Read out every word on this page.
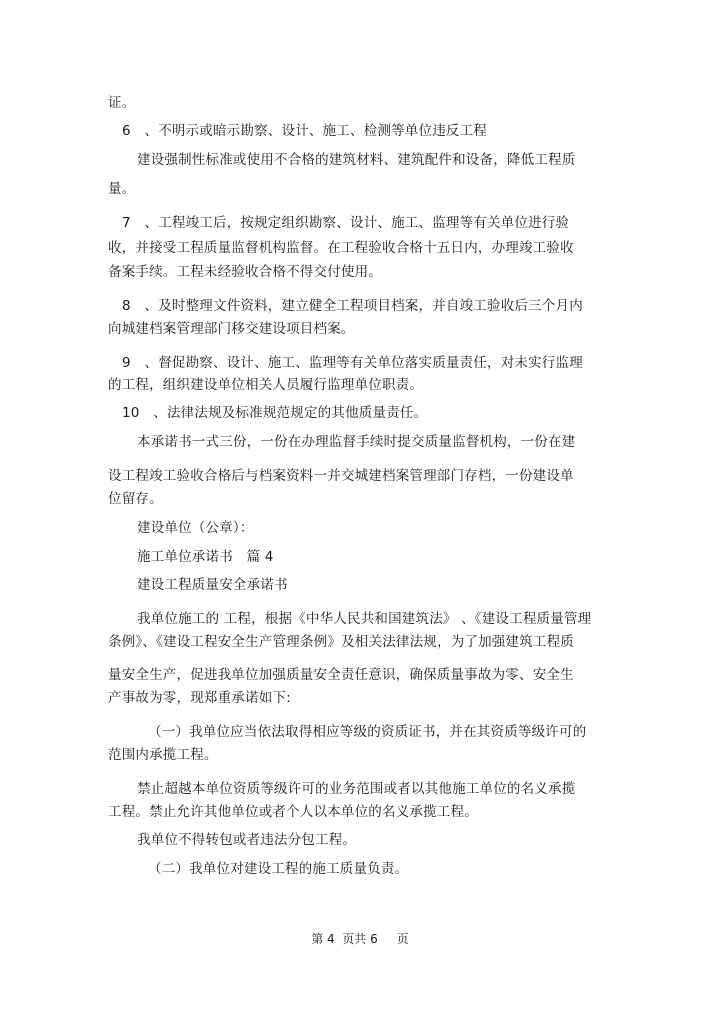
证。
6　、不明示或暗示勘察、设计、施工、检测等单位违反工程
建设强制性标准或使用不合格的建筑材料、建筑配件和设备，降低工程质
量。
7　、工程竣工后，按规定组织勘察、设计、施工、监理等有关单位进行验
收，并接受工程质量监督机构监督。在工程验收合格十五日内，办理竣工验收
备案手续。工程未经验收合格不得交付使用。
8　、及时整理文件资料，建立健全工程项目档案，并自竣工验收后三个月内
向城建档案管理部门移交建设项目档案。
9　、督促勘察、设计、施工、监理等有关单位落实质量责任，对未实行监理
的工程，组织建设单位相关人员履行监理单位职责。
10　、法律法规及标准规范规定的其他质量责任。
本承诺书一式三份，一份在办理监督手续时提交质量监督机构，一份在建
设工程竣工验收合格后与档案资料一并交城建档案管理部门存档，一份建设单
位留存。
建设单位（公章）：
施工单位承诺书　篇 4
建设工程质量安全承诺书
我单位施工的 工程，根据《中华人民共和国建筑法》 、《建设工程质量管理
条例》、《建设工程安全生产管理条例》及相关法律法规，为了加强建筑工程质
量安全生产，促进我单位加强质量安全责任意识，确保质量事故为零、安全生
产事故为零，现郑重承诺如下:
（一）我单位应当依法取得相应等级的资质证书，并在其资质等级许可的
范围内承揽工程。
禁止超越本单位资质等级许可的业务范围或者以其他施工单位的名义承揽
工程。禁止允许其他单位或者个人以本单位的名义承揽工程。
我单位不得转包或者违法分包工程。
（二）我单位对建设工程的施工质量负责。
第 4  页共 6     页
